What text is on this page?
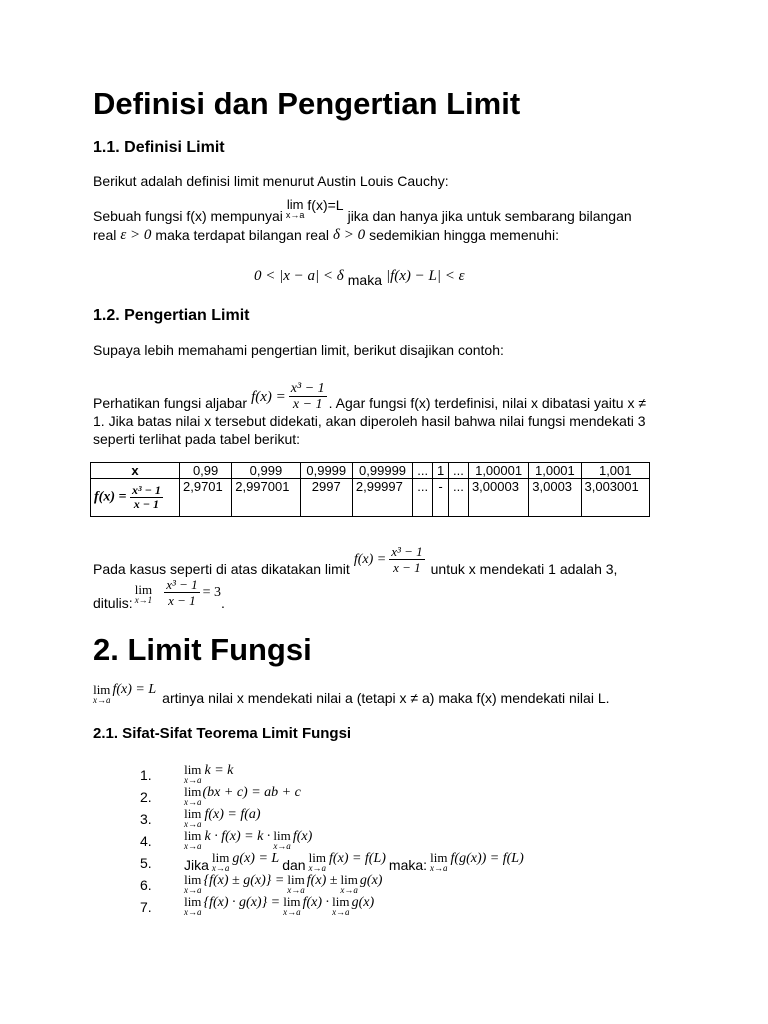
Definisi dan Pengertian Limit
1.1. Definisi Limit
Berikut adalah definisi limit menurut Austin Louis Cauchy:
Sebuah fungsi f(x) mempunyai
lim
x→a
f(x)=L
jika dan hanya jika untuk sembarang bilangan
real ε > 0 maka terdapat bilangan real δ > 0 sedemikian hingga memenuhi:
0 < |x − a| < δ maka |f(x) − L| < ε
1.2. Pengertian Limit
Supaya lebih memahami pengertian limit, berikut disajikan contoh:
Perhatikan fungsi aljabar $f(x) = \frac{\text{x³ − 1}}{x - 1}$ . Agar fungsi f(x) terdefinisi, nilai x dibatasi yaitu x ≠
1. Jika batas nilai x tersebut didekati, akan diperoleh hasil bahwa nilai fungsi mendekati 3
seperti terlihat pada tabel berikut:
x	0,99	0,999	0,9999	0,99999	...	1	...	1,00001	1,0001	1,001
$f(x) = \frac{\text{x³ − 1}}{x - 1}$	2,9701	2,997001	2997	2,99997	...	-	...	3,00003	3,0003	3,003001
Pada kasus seperti di atas dikatakan limit
$f(x) = \frac{\text{x³ − 1}}{x - 1}$ untuk x mendekati 1 adalah 3,
ditulis:
lim
$x\to 1 \frac{\text{x³ − 1}}{x - 1} = 3$
.
2. Limit Fungsi
lim
x→a
f(x) = L
artinya nilai x mendekati nilai a (tetapi x ≠ a) maka f(x) mendekati nilai L.
2.1. Sifat-Sifat Teorema Limit Fungsi
1.	lim
x→a
k = k
2.	lim
x→a
(bx + c) = ab + c
3.	lim
x→a
f(x) = f(a)
4.	lim
x→a
k · f(x) = k · lim
x→a
f(x)
5.	Jika lim
x→a
g(x) = L dan lim
x→a
f(x) = f(L) maka: lim
x→a
f(g(x)) = f(L)
6.	lim
x→a
{f(x) ± g(x)} = lim
x→a
f(x) ± lim
x→a
g(x)
7.	lim
x→a
{f(x) · g(x)} = lim
x→a
f(x) · lim
x→a
g(x)
